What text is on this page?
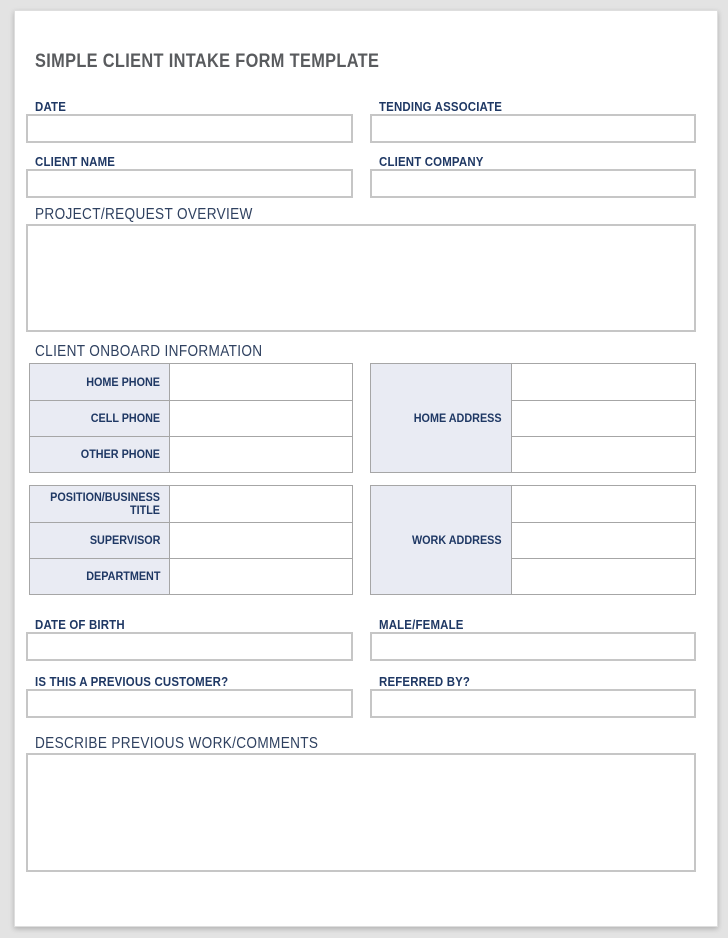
SIMPLE CLIENT INTAKE FORM TEMPLATE
DATE	TENDING ASSOCIATE
CLIENT NAME	CLIENT COMPANY
PROJECT/REQUEST OVERVIEW
CLIENT ONBOARD INFORMATION
HOME PHONE
CELL PHONE
OTHER PHONE
HOME ADDRESS
POSITION/BUSINESS TITLE
SUPERVISOR
DEPARTMENT
WORK ADDRESS
DATE OF BIRTH	MALE/FEMALE
IS THIS A PREVIOUS CUSTOMER?	REFERRED BY?
DESCRIBE PREVIOUS WORK/COMMENTS
